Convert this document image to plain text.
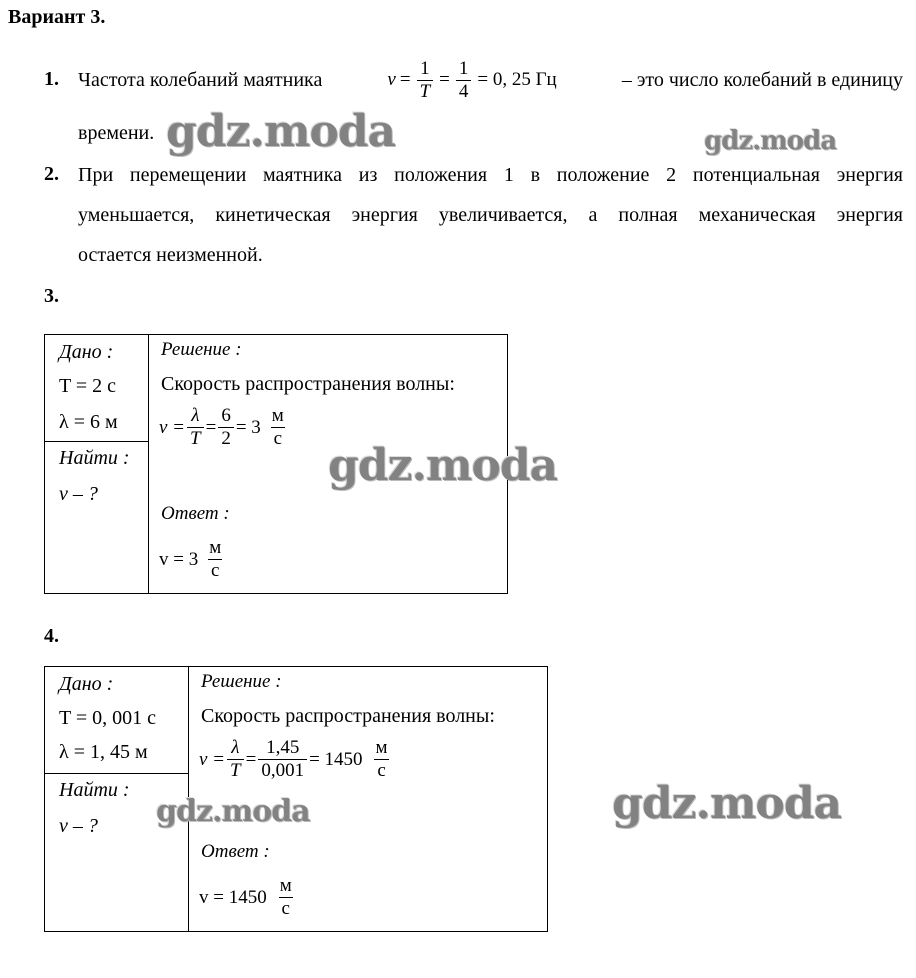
Вариант 3.
1. Частота колебаний маятника	$\nu = \frac{1}{T} = \frac{1}{4} = 0$, 25 Гц	– это число колебаний в единицу
времени.
2. При перемещении маятника из положения 1 в положение 2 потенциальная энергия
уменьшается, кинетическая энергия увеличивается, а полная механическая энергия
остается неизменной.
3.
Дано :
T = 2 с
λ = 6 м
Найти :
v – ?
Решение :
Скорость распространения волны:
$v = \frac{\lambda}{T} = \frac{6}{2} = 3 \frac{м}{с}$
Ответ :
$v = 3 \frac{м}{с}$
4.
Дано :
T = 0, 001 с
λ = 1, 45 м
Найти :
v – ?
Решение :
Скорость распространения волны:
$v = \frac{\lambda}{T} = \frac{1,45}{0,001} = 1450 \frac{м}{с}$
Ответ :
$v = 1450 \frac{м}{с}$
gdz.moda	gdz.moda
gdz.moda
gdz.moda	gdz.moda
